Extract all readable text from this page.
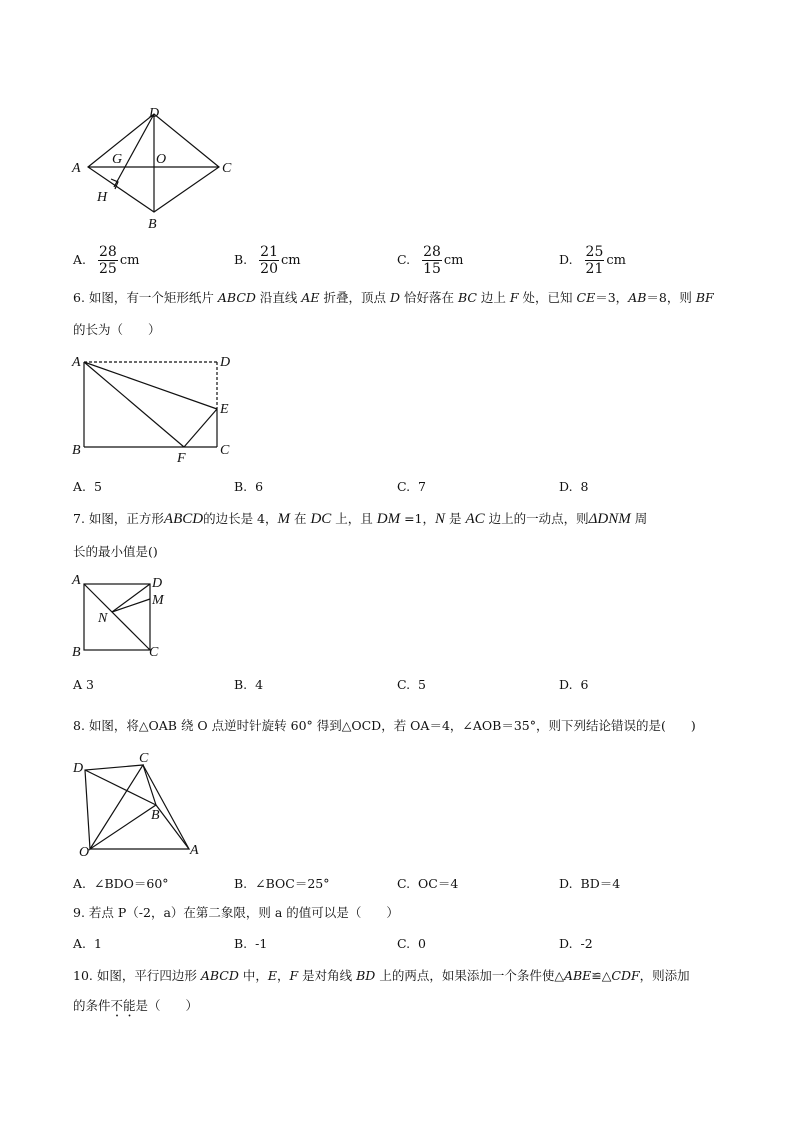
A
D
C
B
G O
H
A. $\frac{28}{25}$ cm	B. $\frac{21}{20}$ cm	C. $\frac{28}{15}$ cm	D. $\frac{25}{21}$ cm
6. 如图，有一个矩形纸片 ABCD 沿直线 AE 折叠，顶点 D 恰好落在 BC 边上 F 处，已知 CE＝3，AB＝8，则 BF
的长为（　　）
A	D
E
B	C
F
A. 5	B. 6	C. 7	D. 8
7. 如图，正方形ABCD的边长是 4，M 在 DC 上，且 DM =1，N 是 AC 边上的一动点，则ΔDNM 周
长的最小值是()
A	D
M
N
B	C
A 3	B. 4	C. 5	D. 6
8. 如图，将△OAB 绕 O 点逆时针旋转 60° 得到△OCD，若 OA＝4，∠AOB＝35°，则下列结论错误的是(　　)
D
C
B
O	A
A. ∠BDO＝60°	B. ∠BOC＝25°	C. OC＝4	D. BD＝4
9. 若点 P（-2，a）在第二象限，则 a 的值可以是（　　）
A. 1	B. -1	C. 0	D. -2
10. 如图，平行四边形 ABCD 中，E，F 是对角线 BD 上的两点，如果添加一个条件使△ABE≌△CDF，则添加
的条件不能是（　　）
